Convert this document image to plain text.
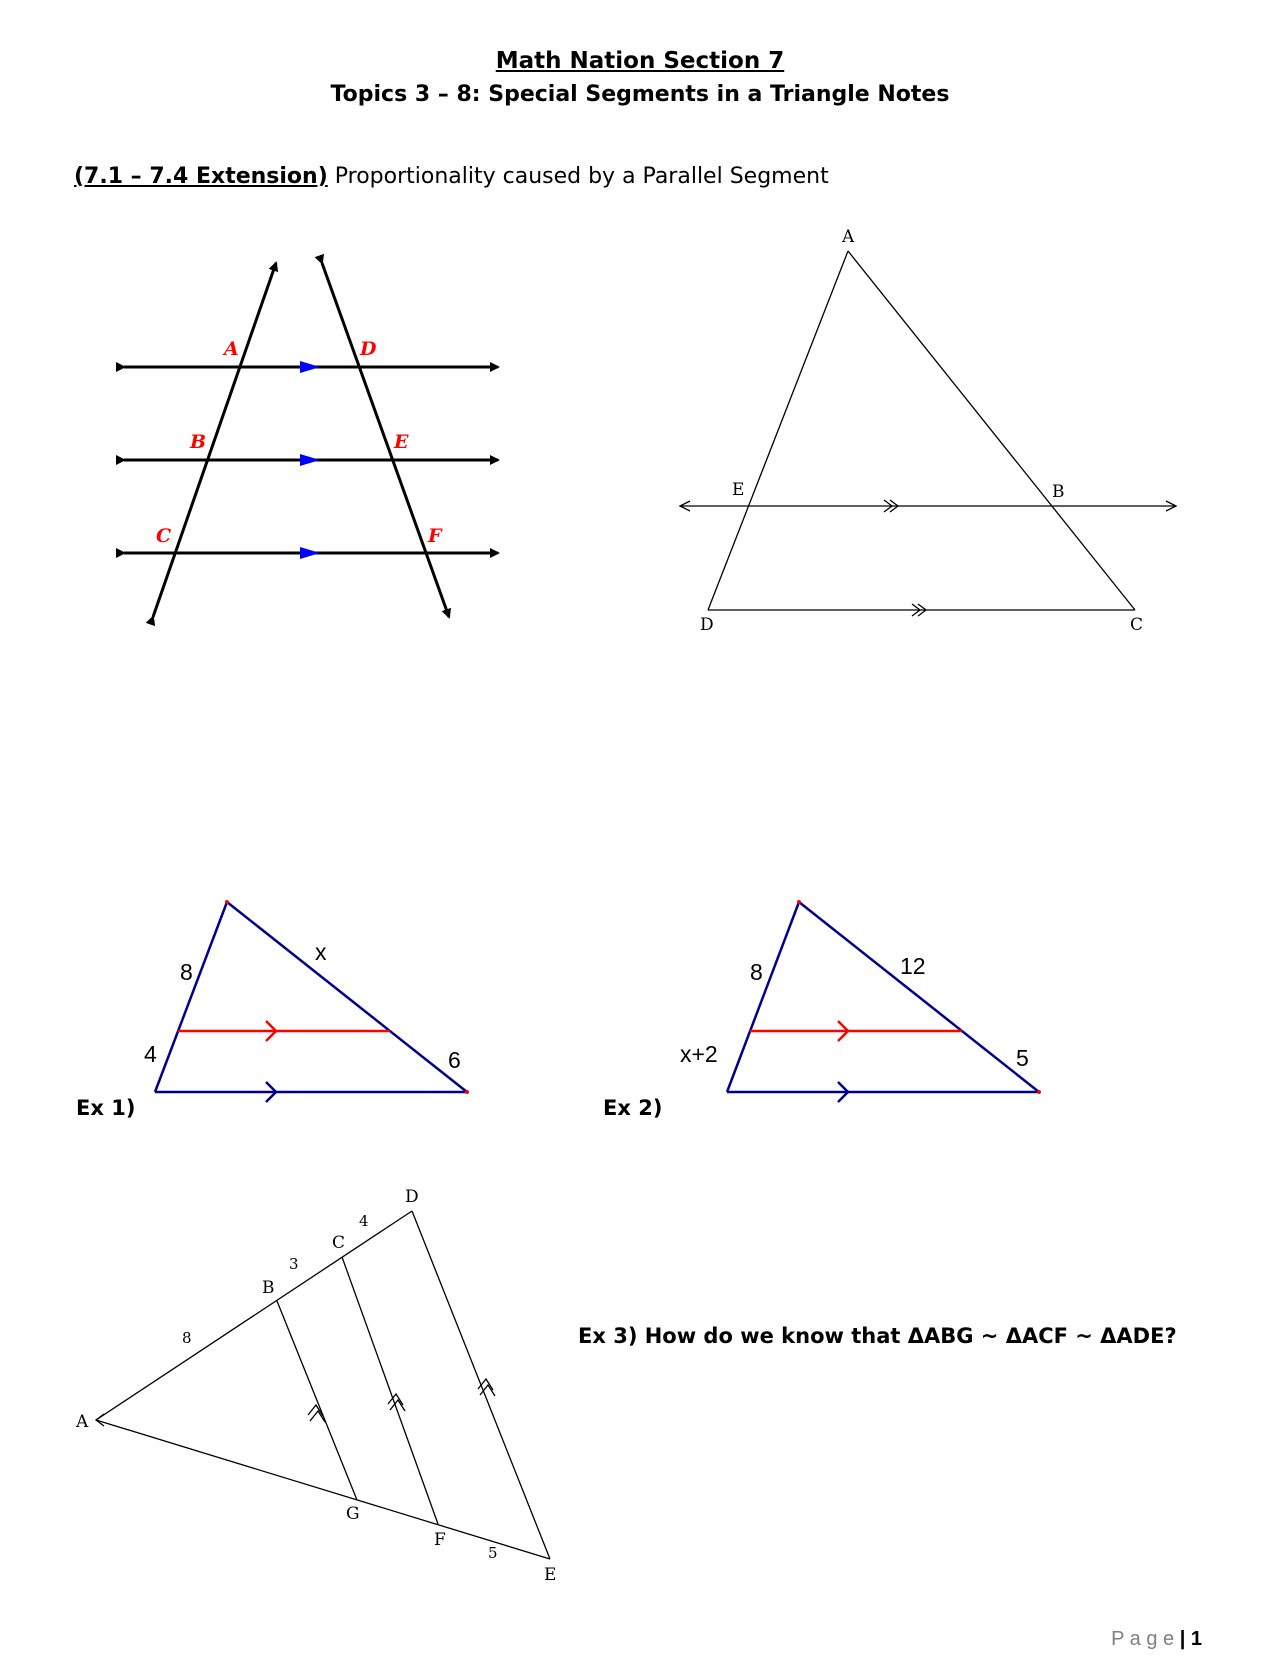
Math Nation Section 7
Topics 3 – 8: Special Segments in a Triangle Notes
(7.1 – 7.4 Extension) Proportionality caused by a Parallel Segment
A
B
C
D
E
F
A
E	B
D	C
8
4
x
6
Ex 1)
8
x+2
12
5
Ex 2)
A
B
C
D
G
F
E
8
3
4
5
Ex 3) How do we know that ΔABG ~ ΔACF ~ ΔADE?
P a g e | 1
